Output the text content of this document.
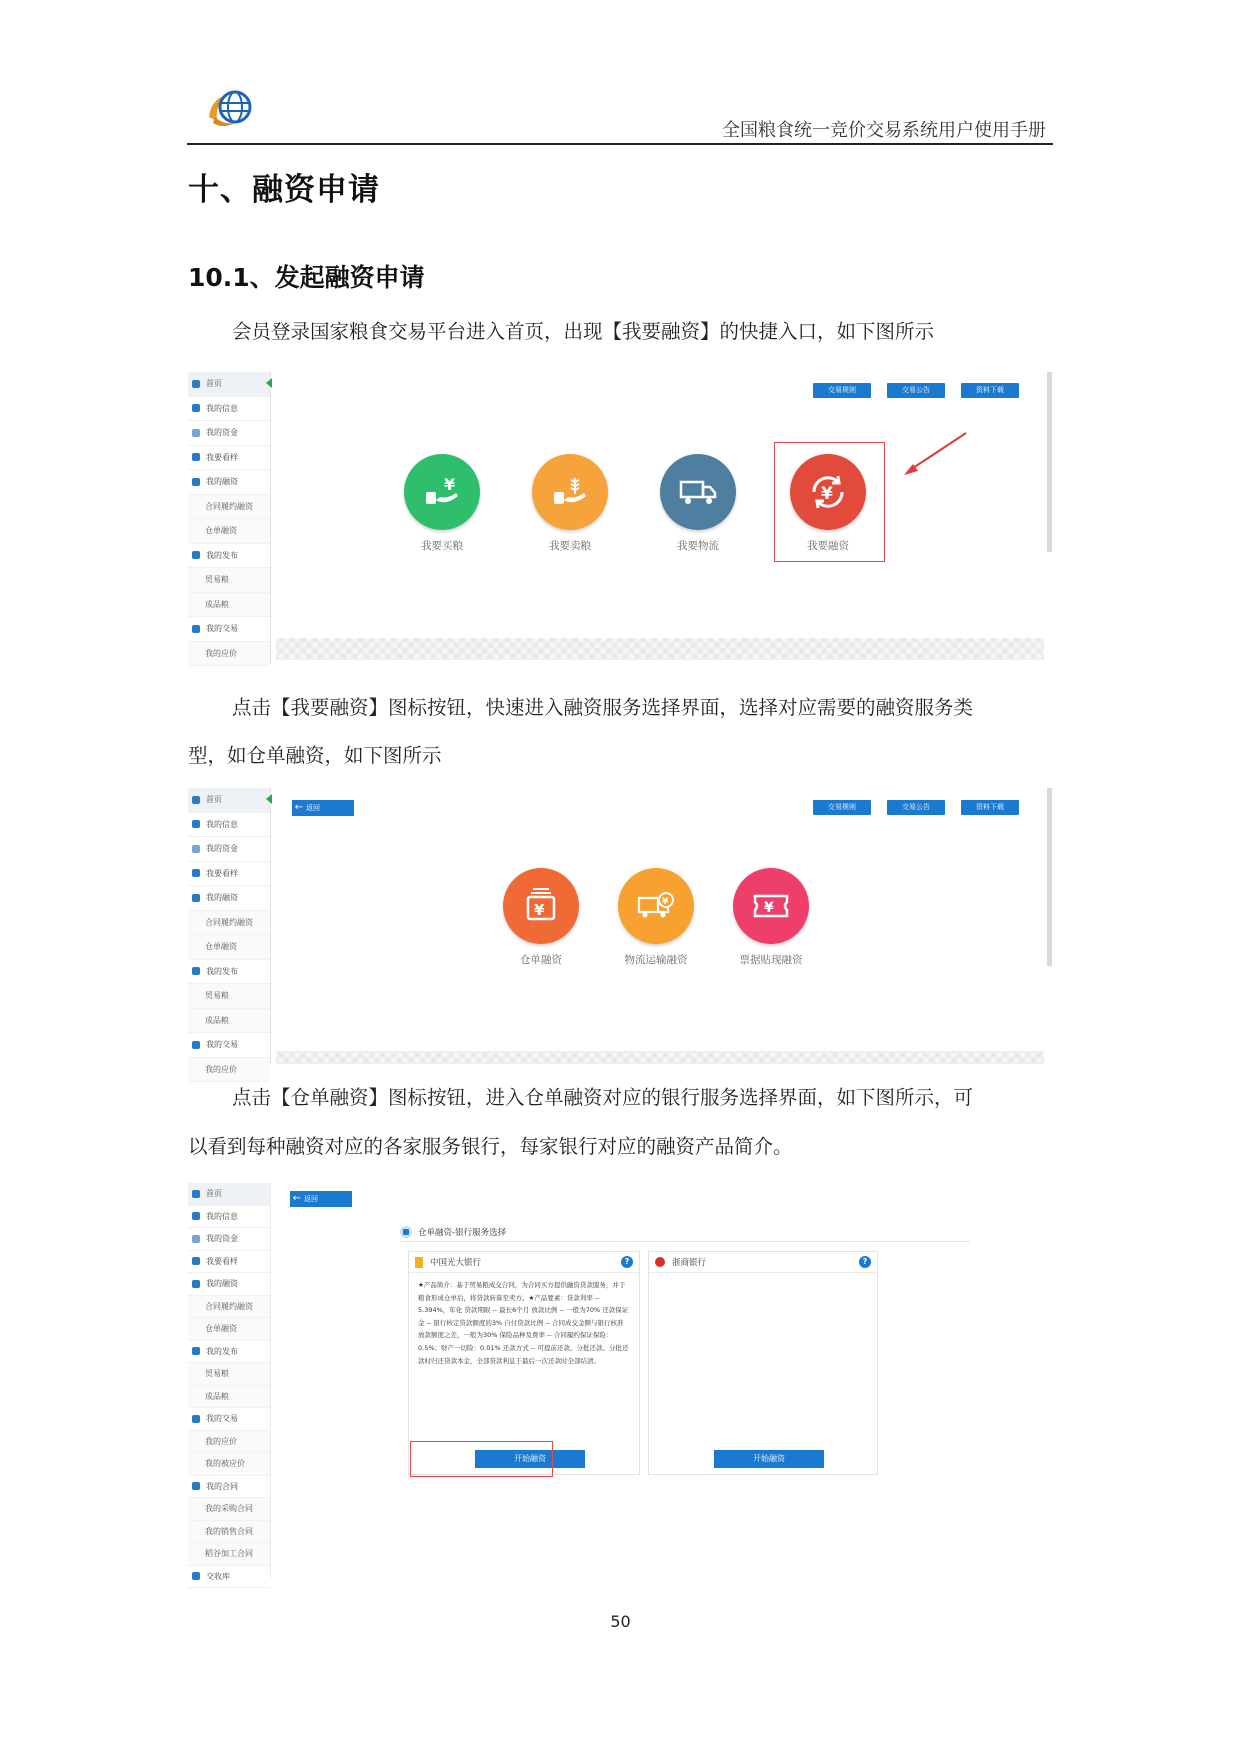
全国粮食统一竞价交易系统用户使用手册
十、融资申请
10.1、发起融资申请
会员登录国家粮食交易平台进入首页，出现【我要融资】的快捷入口，如下图所示
首页
我的信息
我的资金
我要看样
我的融资
合同履约融资
仓单融资
我的发布
贸易粮
成品粮
我的交易
我的应价
交易规则	交易公告	资料下载
¥
我要买粮	我要卖粮	我要物流
¥
我要融资
点击【我要融资】图标按钮，快速进入融资服务选择界面，选择对应需要的融资服务类
型，如仓单融资，如下图所示
首页
我的信息
我的资金
我要看样
我的融资
合同履约融资
仓单融资
我的发布
贸易粮
成品粮
我的交易
我的应价
← 返回	交易规则	交易公告	资料下载
¥
仓单融资
¥
物流运输融资
¥
票据贴现融资
点击【仓单融资】图标按钮，进入仓单融资对应的银行服务选择界面，如下图所示，可
以看到每种融资对应的各家服务银行，每家银行对应的融资产品简介。
首页
我的信息
我的资金
我要看样
我的融资
合同履约融资
仓单融资
我的发布
贸易粮
成品粮
我的交易
我的应价
我的被应价
我的合同
我的采购合同
我的销售合同
稻谷加工合同
交收库
← 返回
仓单融资-银行服务选择
中国光大银行	?
★产品简介：基于贸易粮成交合同，为合同买方提供融资贷款服务，并于粮食形成仓单后，将贷款转算至卖方。★产品要素：贷款利率 -- 5.394%，年化 贷款期限 -- 最长6个月 放款比例 -- 一般为70% 还款保证金 -- 银行核定贷款额度的3% 自付贷款比例 -- 合同成交金额与银行核准放款额度之差，一般为30% 保险品种及费率 -- 合同履约保证保险：0.5%；财产一切险：0.01% 还款方式 -- 可提前还款、分批还款。分批还款时归还贷款本金，全部贷款利息于最后一次还款时全部结清。
开始融资
浙商银行	?
开始融资
50
